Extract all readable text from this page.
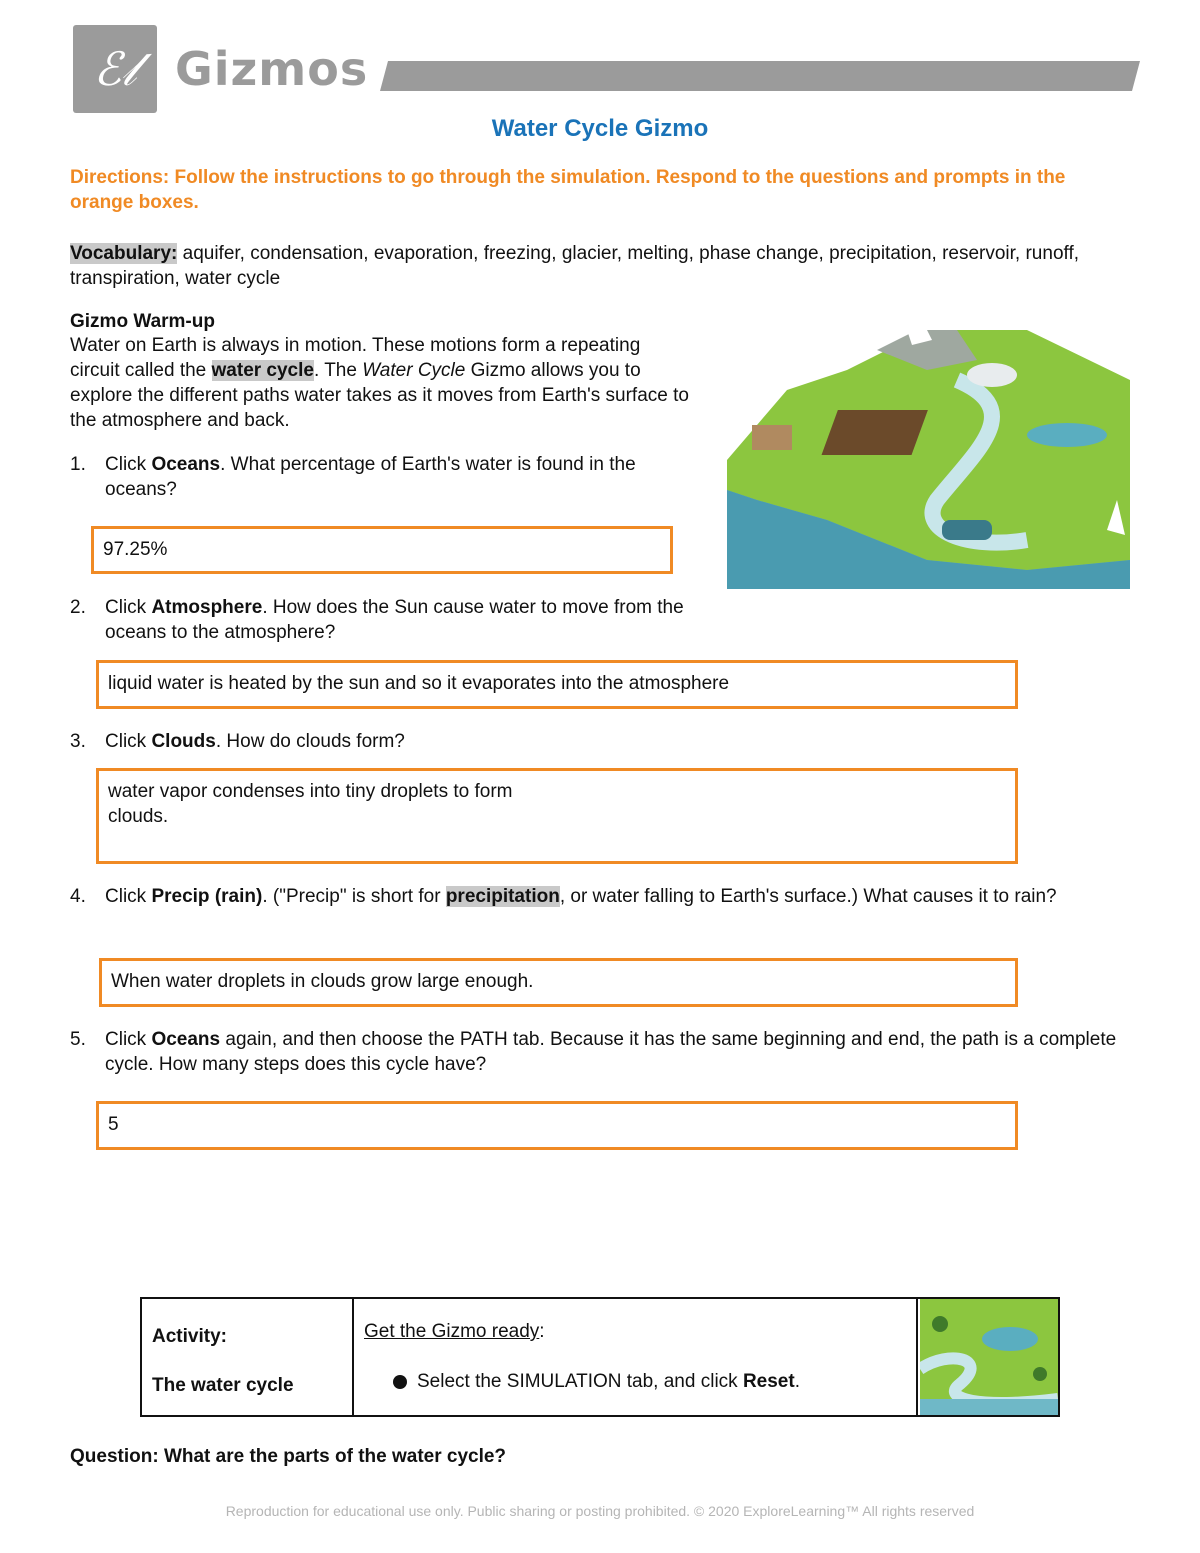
ℰ𝓁 Gizmos
Water Cycle Gizmo
Directions: Follow the instructions to go through the simulation. Respond to the questions and prompts in the orange boxes.
Vocabulary: aquifer, condensation, evaporation, freezing, glacier, melting, phase change, precipitation, reservoir, runoff, transpiration, water cycle
Gizmo Warm-up
Water on Earth is always in motion. These motions form a repeating circuit called the water cycle. The Water Cycle Gizmo allows you to explore the different paths water takes as it moves from Earth's surface to the atmosphere and back.
1. Click Oceans. What percentage of Earth's water is found in the oceans?
97.25%
2. Click Atmosphere. How does the Sun cause water to move from the oceans to the atmosphere?
liquid water is heated by the sun and so it evaporates into the atmosphere
3. Click Clouds. How do clouds form?
water vapor condenses into tiny droplets to form
clouds.
4. Click Precip (rain). ("Precip" is short for precipitation, or water falling to Earth's surface.) What causes it to rain?
When water droplets in clouds grow large enough.
5. Click Oceans again, and then choose the PATH tab. Because it has the same beginning and end, the path is a complete cycle. How many steps does this cycle have?
5
Activity:
The water cycle
Get the Gizmo ready:
Select the SIMULATION tab, and click Reset.
Question: What are the parts of the water cycle?
Reproduction for educational use only. Public sharing or posting prohibited. © 2020 ExploreLearning™ All rights reserved
